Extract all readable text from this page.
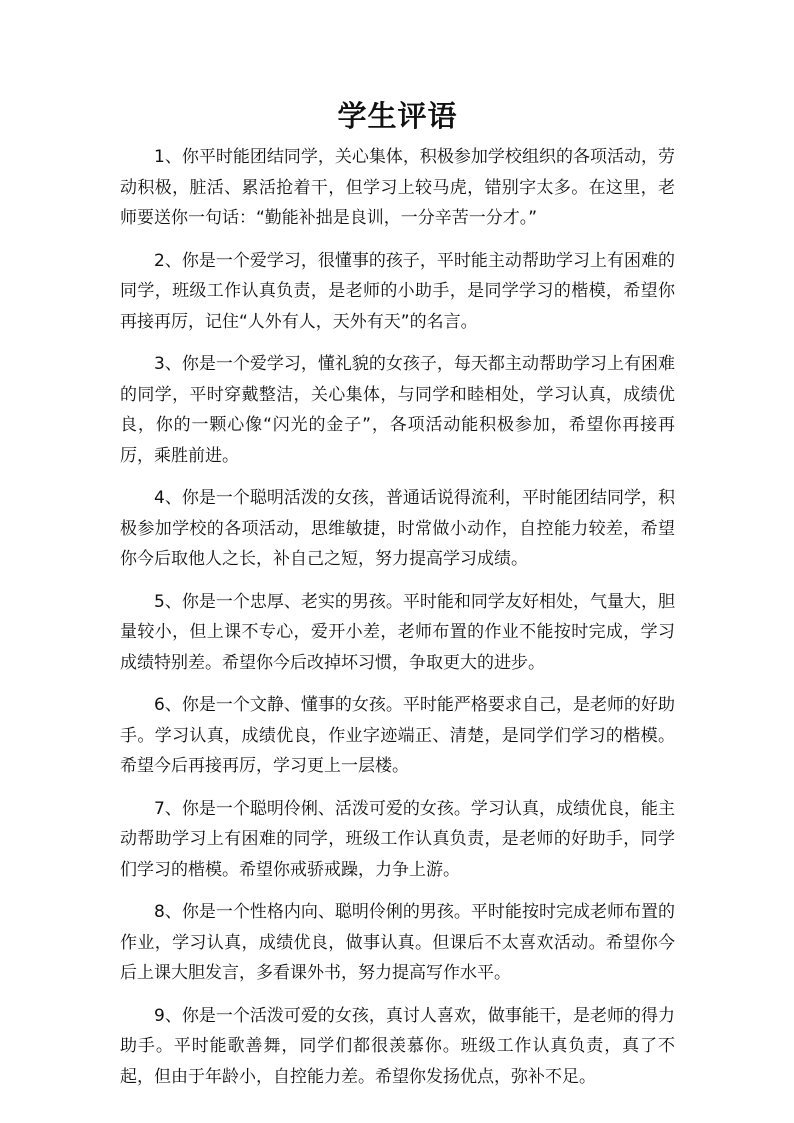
学生评语

1、你平时能团结同学，关心集体，积极参加学校组织的各项活动，劳动积极，脏活、累活抢着干，但学习上较马虎，错别字太多。在这里，老师要送你一句话：“勤能补拙是良训，一分辛苦一分才。”

2、你是一个爱学习，很懂事的孩子，平时能主动帮助学习上有困难的同学，班级工作认真负责，是老师的小助手，是同学学习的楷模，希望你再接再厉，记住“人外有人，天外有天”的名言。

3、你是一个爱学习，懂礼貌的女孩子，每天都主动帮助学习上有困难的同学，平时穿戴整洁，关心集体，与同学和睦相处，学习认真，成绩优良，你的一颗心像“闪光的金子”，各项活动能积极参加，希望你再接再厉，乘胜前进。

4、你是一个聪明活泼的女孩，普通话说得流利，平时能团结同学，积极参加学校的各项活动，思维敏捷，时常做小动作，自控能力较差，希望你今后取他人之长，补自己之短，努力提高学习成绩。

5、你是一个忠厚、老实的男孩。平时能和同学友好相处，气量大，胆量较小，但上课不专心，爱开小差，老师布置的作业不能按时完成，学习成绩特别差。希望你今后改掉坏习惯，争取更大的进步。

6、你是一个文静、懂事的女孩。平时能严格要求自己，是老师的好助手。学习认真，成绩优良，作业字迹端正、清楚，是同学们学习的楷模。希望今后再接再厉，学习更上一层楼。

7、你是一个聪明伶俐、活泼可爱的女孩。学习认真，成绩优良，能主动帮助学习上有困难的同学，班级工作认真负责，是老师的好助手，同学们学习的楷模。希望你戒骄戒躁，力争上游。

8、你是一个性格内向、聪明伶俐的男孩。平时能按时完成老师布置的作业，学习认真，成绩优良，做事认真。但课后不太喜欢活动。希望你今后上课大胆发言，多看课外书，努力提高写作水平。

9、你是一个活泼可爱的女孩，真讨人喜欢，做事能干，是老师的得力助手。平时能歌善舞，同学们都很羡慕你。班级工作认真负责，真了不起，但由于年龄小，自控能力差。希望你发扬优点，弥补不足。
